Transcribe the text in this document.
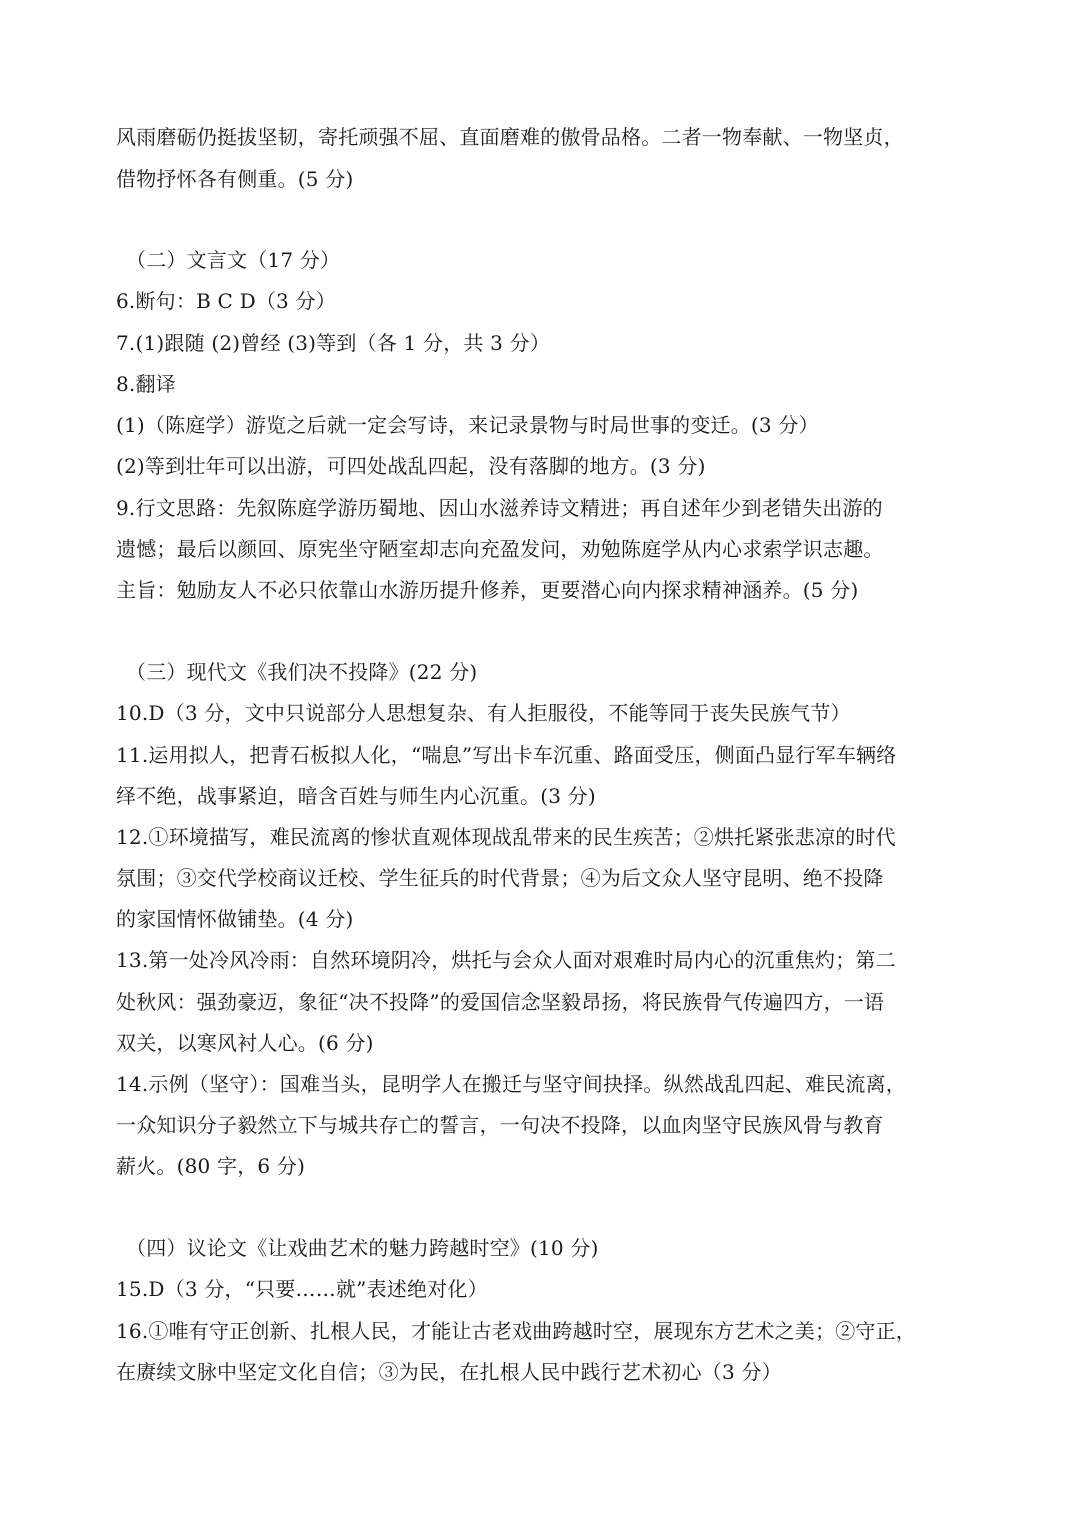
风雨磨砺仍挺拔坚韧，寄托顽强不屈、直面磨难的傲骨品格。二者一物奉献、一物坚贞，
借物抒怀各有侧重。(5 分)
（二）文言文（17 分）
6.断句：B C D（3 分）
7.(1)跟随 (2)曾经 (3)等到（各 1 分，共 3 分）
8.翻译
(1)（陈庭学）游览之后就一定会写诗，来记录景物与时局世事的变迁。(3 分）
(2)等到壮年可以出游，可四处战乱四起，没有落脚的地方。(3 分)
9.行文思路：先叙陈庭学游历蜀地、因山水滋养诗文精进；再自述年少到老错失出游的
遗憾；最后以颜回、原宪坐守陋室却志向充盈发问，劝勉陈庭学从内心求索学识志趣。
主旨：勉励友人不必只依靠山水游历提升修养，更要潜心向内探求精神涵养。(5 分)
（三）现代文《我们决不投降》(22 分)
10.D（3 分，文中只说部分人思想复杂、有人拒服役，不能等同于丧失民族气节）
11.运用拟人，把青石板拟人化，“喘息”写出卡车沉重、路面受压，侧面凸显行军车辆络
绎不绝，战事紧迫，暗含百姓与师生内心沉重。(3 分)
12.①环境描写，难民流离的惨状直观体现战乱带来的民生疾苦；②烘托紧张悲凉的时代
氛围；③交代学校商议迁校、学生征兵的时代背景；④为后文众人坚守昆明、绝不投降
的家国情怀做铺垫。(4 分)
13.第一处冷风冷雨：自然环境阴冷，烘托与会众人面对艰难时局内心的沉重焦灼；第二
处秋风：强劲豪迈，象征“决不投降”的爱国信念坚毅昂扬，将民族骨气传遍四方，一语
双关，以寒风衬人心。(6 分)
14.示例（坚守）：国难当头，昆明学人在搬迁与坚守间抉择。纵然战乱四起、难民流离，
一众知识分子毅然立下与城共存亡的誓言，一句决不投降，以血肉坚守民族风骨与教育
薪火。(80 字，6 分)
（四）议论文《让戏曲艺术的魅力跨越时空》(10 分)
15.D（3 分，“只要……就”表述绝对化）
16.①唯有守正创新、扎根人民，才能让古老戏曲跨越时空，展现东方艺术之美；②守正，
在赓续文脉中坚定文化自信；③为民，在扎根人民中践行艺术初心（3 分）
